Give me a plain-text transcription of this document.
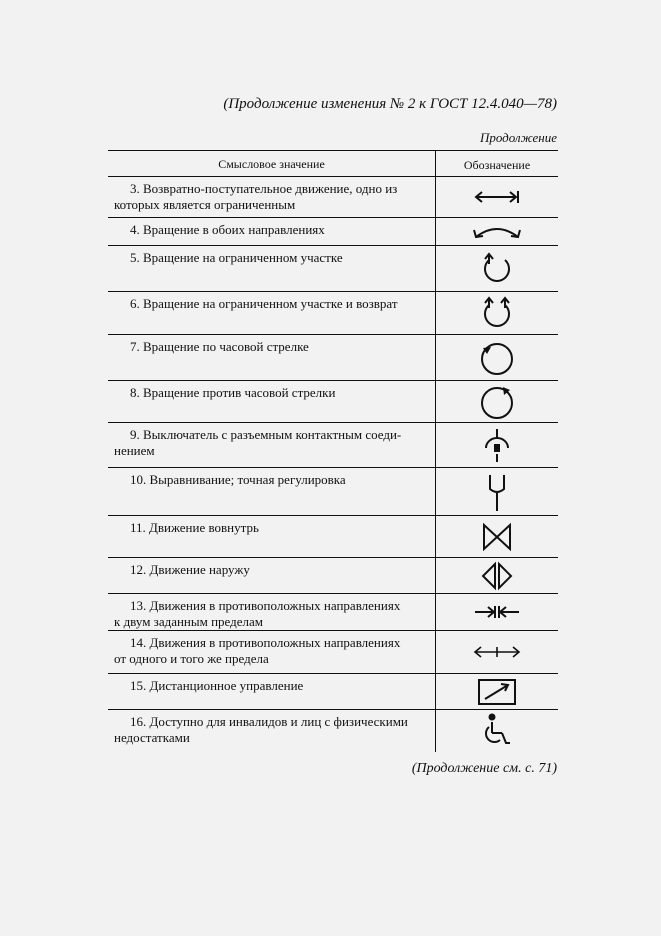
(Продолжение изменения № 2 к ГОСТ 12.4.040—78)
Продолжение
Смысловое значение	Обозначение
3. Возвратно-поступательное движение, одно из
которых является ограниченным
4. Вращение в обоих направлениях
5. Вращение на ограниченном участке
6. Вращение на ограниченном участке и возврат
7. Вращение по часовой стрелке
8. Вращение против часовой стрелки
9. Выключатель с разъемным контактным соеди-
нением
10. Выравнивание; точная регулировка
11. Движение вовнутрь
12. Движение наружу
13. Движения в противоположных направлениях
к двум заданным пределам
14. Движения в противоположных направлениях
от одного и того же предела
15. Дистанционное управление
16. Доступно для инвалидов и лиц с физическими
недостатками
(Продолжение см. с. 71)
